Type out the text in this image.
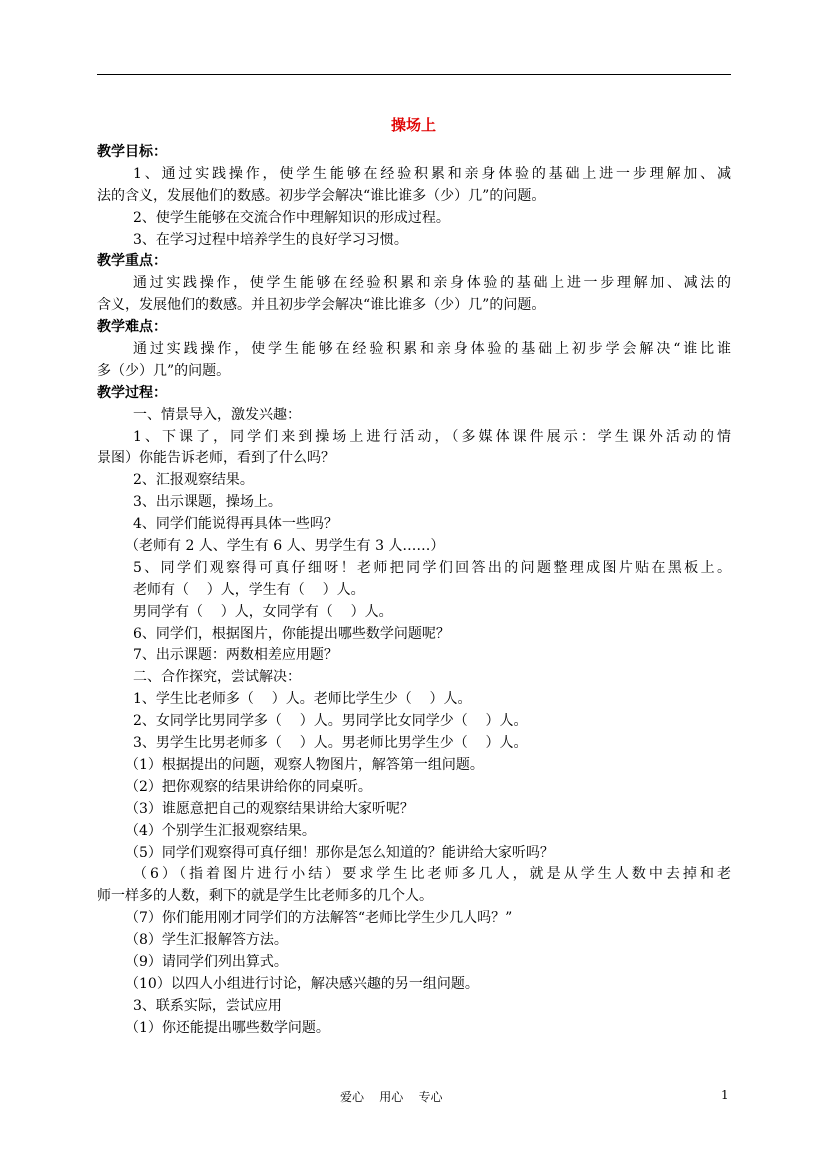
操场上
教学目标：
1、通过实践操作，使学生能够在经验积累和亲身体验的基础上进一步理解加、减
法的含义，发展他们的数感。初步学会解决“谁比谁多（少）几”的问题。
2、使学生能够在交流合作中理解知识的形成过程。
3、在学习过程中培养学生的良好学习习惯。
教学重点：
通过实践操作，使学生能够在经验积累和亲身体验的基础上进一步理解加、减法的
含义，发展他们的数感。并且初步学会解决“谁比谁多（少）几”的问题。
教学难点：
通过实践操作，使学生能够在经验积累和亲身体验的基础上初步学会解决“谁比谁
多（少）几”的问题。
教学过程：
一、情景导入，激发兴趣：
1、下课了，同学们来到操场上进行活动，（多媒体课件展示：学生课外活动的情
景图）你能告诉老师，看到了什么吗？
2、汇报观察结果。
3、出示课题，操场上。
4、同学们能说得再具体一些吗？
（老师有 2 人、学生有 6 人、男学生有 3 人……）
5、同学们观察得可真仔细呀！老师把同学们回答出的问题整理成图片贴在黑板上。
老师有（    ）人，学生有（    ）人。
男同学有（    ）人，女同学有（    ）人。
6、同学们，根据图片，你能提出哪些数学问题呢？
7、出示课题：两数相差应用题？
二、合作探究，尝试解决：
1、学生比老师多（    ）人。老师比学生少（    ）人。
2、女同学比男同学多（    ）人。男同学比女同学少（    ）人。
3、男学生比男老师多（    ）人。男老师比男学生少（    ）人。
（1）根据提出的问题，观察人物图片，解答第一组问题。
（2）把你观察的结果讲给你的同桌听。
（3）谁愿意把自己的观察结果讲给大家听呢？
（4）个别学生汇报观察结果。
（5）同学们观察得可真仔细！那你是怎么知道的？能讲给大家听吗？
（6）（指着图片进行小结）要求学生比老师多几人，就是从学生人数中去掉和老
师一样多的人数，剩下的就是学生比老师多的几个人。
（7）你们能用刚才同学们的方法解答“老师比学生少几人吗？”
（8）学生汇报解答方法。
（9）请同学们列出算式。
（10）以四人小组进行讨论，解决感兴趣的另一组问题。
3、联系实际，尝试应用
（1）你还能提出哪些数学问题。
爱心    用心    专心	1
